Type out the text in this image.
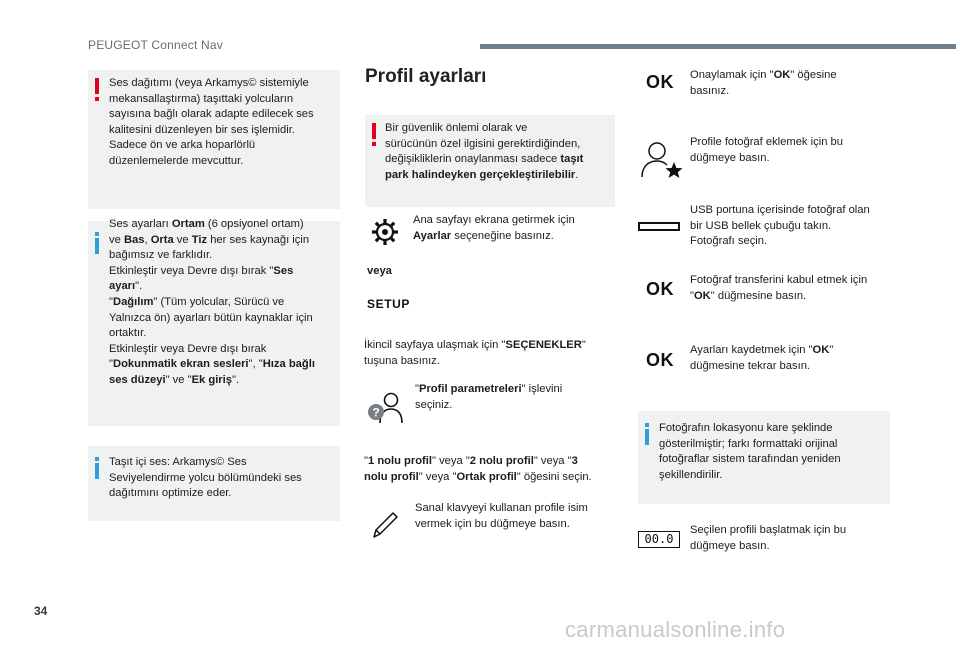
PEUGEOT Connect Nav
Ses dağıtımı (veya Arkamys© sistemiyle
mekansallaştırma) taşıttaki yolcuların
sayısına bağlı olarak adapte edilecek ses
kalitesini düzenleyen bir ses işlemidir.
Sadece ön ve arka hoparlörlü
düzenlemelerde mevcuttur.
Ses ayarları Ortam (6 opsiyonel ortam)
ve Bas, Orta ve Tiz her ses kaynağı için
bağımsız ve farklıdır.
Etkinleştir veya Devre dışı bırak "Ses
ayarı".
"Dağılım" (Tüm yolcular, Sürücü ve
Yalnızca ön) ayarları bütün kaynaklar için
ortaktır.
Etkinleştir veya Devre dışı bırak
"Dokunmatik ekran sesleri", "Hıza bağlı
ses düzeyi" ve "Ek giriş".
Taşıt içi ses: Arkamys© Ses
Seviyelendirme yolcu bölümündeki ses
dağıtımını optimize eder.
Profil ayarları
Bir güvenlik önlemi olarak ve
sürücünün özel ilgisini gerektirdiğinden,
değişikliklerin onaylanması sadece taşıt
park halindeyken gerçekleştirilebilir.
Ana sayfayı ekrana getirmek için
Ayarlar seçeneğine basınız.
veya
SETUP
İkincil sayfaya ulaşmak için "SEÇENEKLER"
tuşuna basınız.
?
"Profil parametreleri" işlevini
seçiniz.
"1 nolu profil" veya "2 nolu profil" veya "3
nolu profil" veya "Ortak profil" öğesini seçin.
Sanal klavyeyi kullanan profile isim
vermek için bu düğmeye basın.
OK Onaylamak için "OK" öğesine
basınız.
Profile fotoğraf eklemek için bu
düğmeye basın.
USB portuna içerisinde fotoğraf olan
bir USB bellek çubuğu takın.
Fotoğrafı seçin.
OK Fotoğraf transferini kabul etmek için
"OK" düğmesine basın.
OK Ayarları kaydetmek için "OK"
düğmesine tekrar basın.
Fotoğrafın lokasyonu kare şeklinde
gösterilmiştir; farkı formattaki orijinal
fotoğraflar sistem tarafından yeniden
şekillendirilir.
00.0
Seçilen profili başlatmak için bu
düğmeye basın.
34
carmanualsonline.info
